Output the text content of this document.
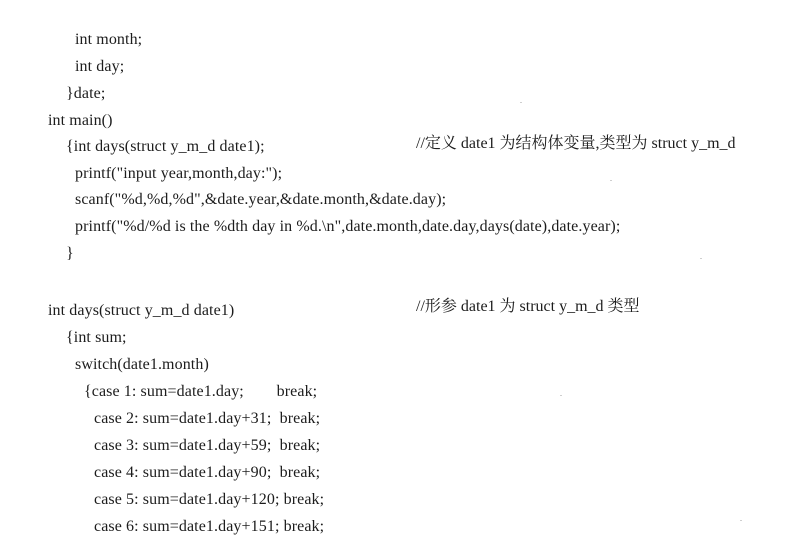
int month;
int day;
}date;
int main()
{int days(struct y_m_d date1);	//定义 date1 为结构体变量,类型为 struct y_m_d
printf("input year,month,day:");
scanf("%d,%d,%d",&date.year,&date.month,&date.day);
printf("%d/%d is the %dth day in %d.\n",date.month,date.day,days(date),date.year);
}
int days(struct y_m_d date1)	//形参 date1 为 struct y_m_d 类型
{int sum;
switch(date1.month)
{case 1: sum=date1.day;        break;
case 2: sum=date1.day+31;  break;
case 3: sum=date1.day+59;  break;
case 4: sum=date1.day+90;  break;
case 5: sum=date1.day+120; break;
case 6: sum=date1.day+151; break;
